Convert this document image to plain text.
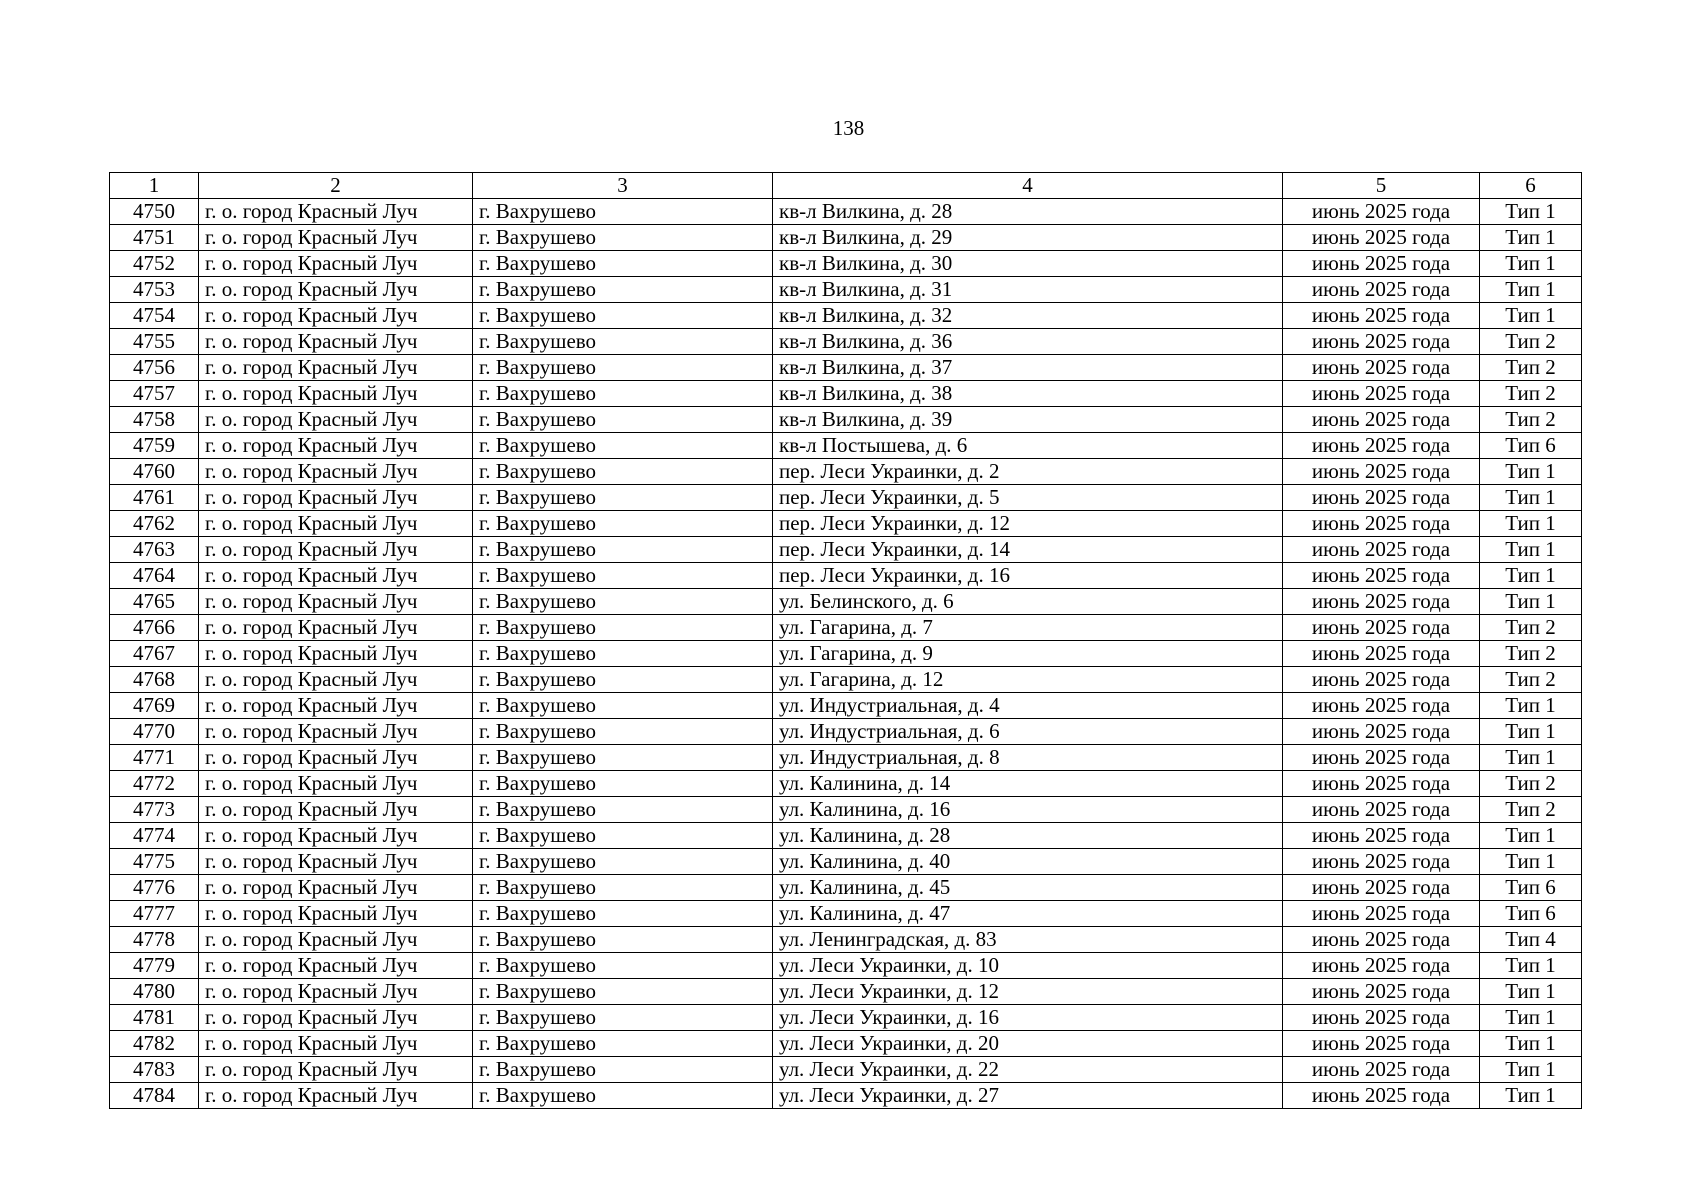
138
1	2	3	4	5	6
4750	г. о. город Красный Луч	г. Вахрушево	кв-л Вилкина, д. 28	июнь 2025 года	Тип 1
4751	г. о. город Красный Луч	г. Вахрушево	кв-л Вилкина, д. 29	июнь 2025 года	Тип 1
4752	г. о. город Красный Луч	г. Вахрушево	кв-л Вилкина, д. 30	июнь 2025 года	Тип 1
4753	г. о. город Красный Луч	г. Вахрушево	кв-л Вилкина, д. 31	июнь 2025 года	Тип 1
4754	г. о. город Красный Луч	г. Вахрушево	кв-л Вилкина, д. 32	июнь 2025 года	Тип 1
4755	г. о. город Красный Луч	г. Вахрушево	кв-л Вилкина, д. 36	июнь 2025 года	Тип 2
4756	г. о. город Красный Луч	г. Вахрушево	кв-л Вилкина, д. 37	июнь 2025 года	Тип 2
4757	г. о. город Красный Луч	г. Вахрушево	кв-л Вилкина, д. 38	июнь 2025 года	Тип 2
4758	г. о. город Красный Луч	г. Вахрушево	кв-л Вилкина, д. 39	июнь 2025 года	Тип 2
4759	г. о. город Красный Луч	г. Вахрушево	кв-л Постышева, д. 6	июнь 2025 года	Тип 6
4760	г. о. город Красный Луч	г. Вахрушево	пер. Леси Украинки, д. 2	июнь 2025 года	Тип 1
4761	г. о. город Красный Луч	г. Вахрушево	пер. Леси Украинки, д. 5	июнь 2025 года	Тип 1
4762	г. о. город Красный Луч	г. Вахрушево	пер. Леси Украинки, д. 12	июнь 2025 года	Тип 1
4763	г. о. город Красный Луч	г. Вахрушево	пер. Леси Украинки, д. 14	июнь 2025 года	Тип 1
4764	г. о. город Красный Луч	г. Вахрушево	пер. Леси Украинки, д. 16	июнь 2025 года	Тип 1
4765	г. о. город Красный Луч	г. Вахрушево	ул. Белинского, д. 6	июнь 2025 года	Тип 1
4766	г. о. город Красный Луч	г. Вахрушево	ул. Гагарина, д. 7	июнь 2025 года	Тип 2
4767	г. о. город Красный Луч	г. Вахрушево	ул. Гагарина, д. 9	июнь 2025 года	Тип 2
4768	г. о. город Красный Луч	г. Вахрушево	ул. Гагарина, д. 12	июнь 2025 года	Тип 2
4769	г. о. город Красный Луч	г. Вахрушево	ул. Индустриальная, д. 4	июнь 2025 года	Тип 1
4770	г. о. город Красный Луч	г. Вахрушево	ул. Индустриальная, д. 6	июнь 2025 года	Тип 1
4771	г. о. город Красный Луч	г. Вахрушево	ул. Индустриальная, д. 8	июнь 2025 года	Тип 1
4772	г. о. город Красный Луч	г. Вахрушево	ул. Калинина, д. 14	июнь 2025 года	Тип 2
4773	г. о. город Красный Луч	г. Вахрушево	ул. Калинина, д. 16	июнь 2025 года	Тип 2
4774	г. о. город Красный Луч	г. Вахрушево	ул. Калинина, д. 28	июнь 2025 года	Тип 1
4775	г. о. город Красный Луч	г. Вахрушево	ул. Калинина, д. 40	июнь 2025 года	Тип 1
4776	г. о. город Красный Луч	г. Вахрушево	ул. Калинина, д. 45	июнь 2025 года	Тип 6
4777	г. о. город Красный Луч	г. Вахрушево	ул. Калинина, д. 47	июнь 2025 года	Тип 6
4778	г. о. город Красный Луч	г. Вахрушево	ул. Ленинградская, д. 83	июнь 2025 года	Тип 4
4779	г. о. город Красный Луч	г. Вахрушево	ул. Леси Украинки, д. 10	июнь 2025 года	Тип 1
4780	г. о. город Красный Луч	г. Вахрушево	ул. Леси Украинки, д. 12	июнь 2025 года	Тип 1
4781	г. о. город Красный Луч	г. Вахрушево	ул. Леси Украинки, д. 16	июнь 2025 года	Тип 1
4782	г. о. город Красный Луч	г. Вахрушево	ул. Леси Украинки, д. 20	июнь 2025 года	Тип 1
4783	г. о. город Красный Луч	г. Вахрушево	ул. Леси Украинки, д. 22	июнь 2025 года	Тип 1
4784	г. о. город Красный Луч	г. Вахрушево	ул. Леси Украинки, д. 27	июнь 2025 года	Тип 1
